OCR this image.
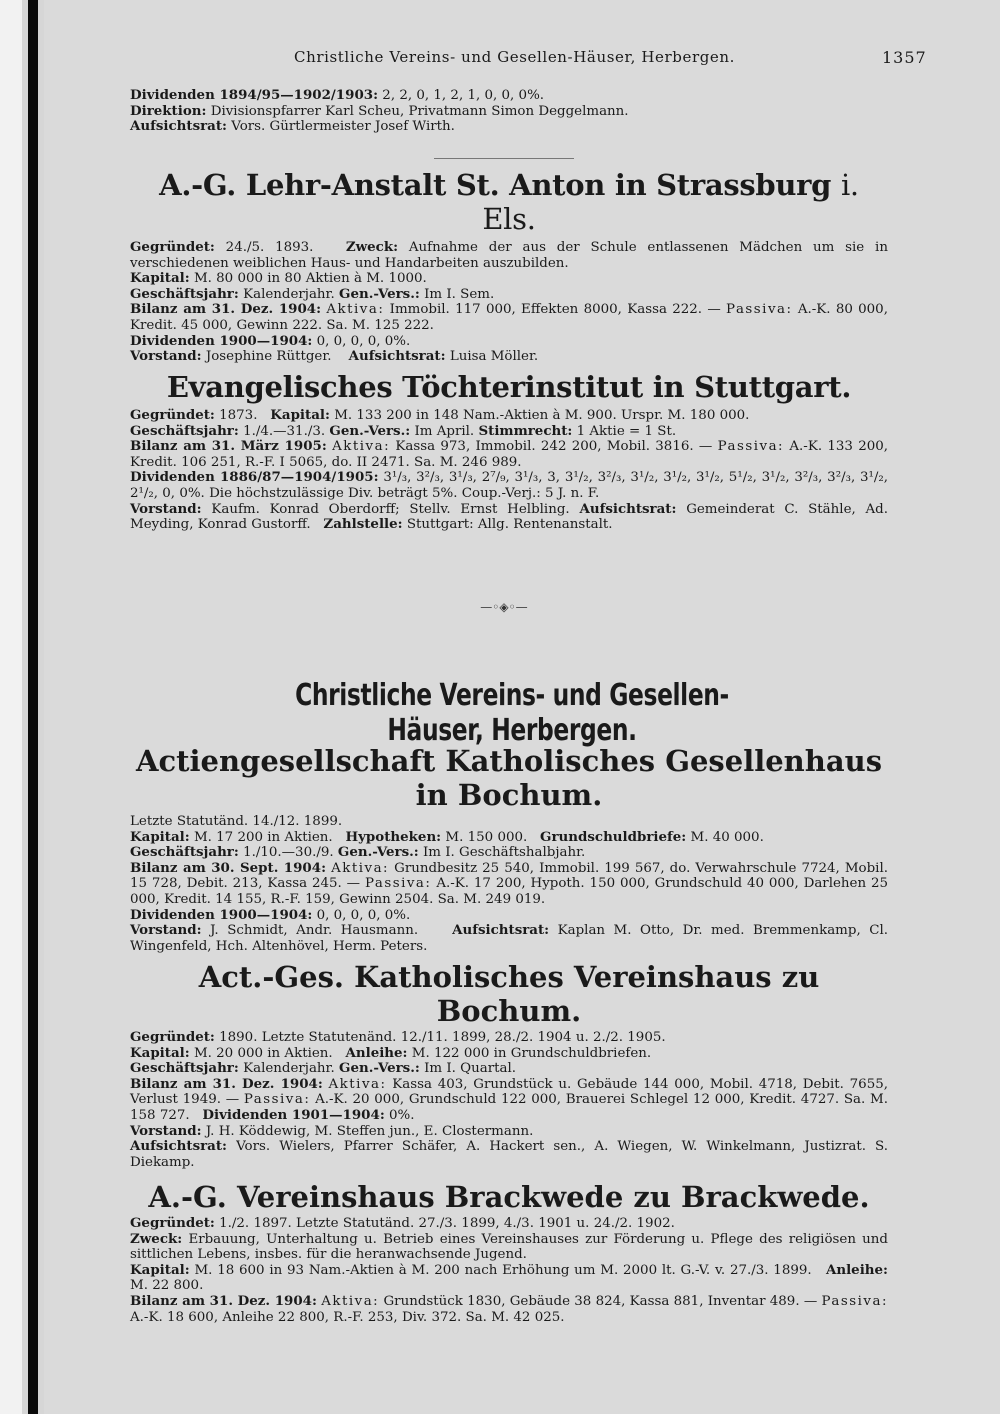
Christliche Vereins- und Gesellen-Häuser, Herbergen.	1357

Dividenden 1894/95—1902/1903: 2, 2, 0, 1, 2, 1, 0, 0, 0%.

Direktion: Divisionspfarrer Karl Scheu, Privatmann Simon Deggelmann.

Aufsichtsrat: Vors. Gürtlermeister Josef Wirth.

A.-G. Lehr-Anstalt St. Anton in Strassburg i. Els.

Gegründet: 24./5. 1893. Zweck: Aufnahme der aus der Schule entlassenen Mädchen um sie in verschiedenen weiblichen Haus- und Handarbeiten auszubilden.

Kapital: M. 80 000 in 80 Aktien à M. 1000.

Geschäftsjahr: Kalenderjahr. Gen.-Vers.: Im I. Sem.

Bilanz am 31. Dez. 1904: Aktiva: Immobil. 117 000, Effekten 8000, Kassa 222. — Passiva: A.-K. 80 000, Kredit. 45 000, Gewinn 222. Sa. M. 125 222.

Dividenden 1900—1904: 0, 0, 0, 0, 0%.

Vorstand: Josephine Rüttger. Aufsichtsrat: Luisa Möller.

Evangelisches Töchterinstitut in Stuttgart.

Gegründet: 1873. Kapital: M. 133 200 in 148 Nam.-Aktien à M. 900. Urspr. M. 180 000.

Geschäftsjahr: 1./4.—31./3. Gen.-Vers.: Im April. Stimmrecht: 1 Aktie = 1 St.

Bilanz am 31. März 1905: Aktiva: Kassa 973, Immobil. 242 200, Mobil. 3816. — Passiva: A.-K. 133 200, Kredit. 106 251, R.-F. I 5065, do. II 2471. Sa. M. 246 989.

Dividenden 1886/87—1904/1905: 3¹/₃, 3²/₃, 3¹/₃, 2⁷/₉, 3¹/₃, 3, 3¹/₂, 3²/₃, 3¹/₂, 3¹/₂, 3¹/₂, 5¹/₂, 3¹/₂, 3²/₃, 3²/₃, 3¹/₂, 2¹/₂, 0, 0%. Die höchstzulässige Div. beträgt 5%. Coup.-Verj.: 5 J. n. F.

Vorstand: Kaufm. Konrad Oberdorff; Stellv. Ernst Helbling. Aufsichtsrat: Gemeinderat C. Stähle, Ad. Meyding, Konrad Gustorff. Zahlstelle: Stuttgart: Allg. Rentenanstalt.

—◦◈◦—
Christliche Vereins- und Gesellen-Häuser, Herbergen.
Actiengesellschaft Katholisches Gesellenhaus in Bochum.

Letzte Statutänd. 14./12. 1899.

Kapital: M. 17 200 in Aktien. Hypotheken: M. 150 000. Grundschuldbriefe: M. 40 000.

Geschäftsjahr: 1./10.—30./9. Gen.-Vers.: Im I. Geschäftshalbjahr.

Bilanz am 30. Sept. 1904: Aktiva: Grundbesitz 25 540, Immobil. 199 567, do. Verwahrschule 7724, Mobil. 15 728, Debit. 213, Kassa 245. — Passiva: A.-K. 17 200, Hypoth. 150 000, Grundschuld 40 000, Darlehen 25 000, Kredit. 14 155, R.-F. 159, Gewinn 2504. Sa. M. 249 019.

Dividenden 1900—1904: 0, 0, 0, 0, 0%.

Vorstand: J. Schmidt, Andr. Hausmann.	Aufsichtsrat: Kaplan M. Otto, Dr. med. Bremmenkamp, Cl. Wingenfeld, Hch. Altenhövel, Herm. Peters.

Act.-Ges. Katholisches Vereinshaus zu Bochum.

Gegründet: 1890. Letzte Statutenänd. 12./11. 1899, 28./2. 1904 u. 2./2. 1905.

Kapital: M. 20 000 in Aktien. Anleihe: M. 122 000 in Grundschuldbriefen.

Geschäftsjahr: Kalenderjahr. Gen.-Vers.: Im I. Quartal.

Bilanz am 31. Dez. 1904: Aktiva: Kassa 403, Grundstück u. Gebäude 144 000, Mobil. 4718, Debit. 7655, Verlust 1949. — Passiva: A.-K. 20 000, Grundschuld 122 000, Brauerei Schlegel 12 000, Kredit. 4727. Sa. M. 158 727. Dividenden 1901—1904: 0%.

Vorstand: J. H. Köddewig, M. Steffen jun., E. Clostermann.

Aufsichtsrat: Vors. Wielers, Pfarrer Schäfer, A. Hackert sen., A. Wiegen, W. Winkelmann, Justizrat. S. Diekamp.

A.-G. Vereinshaus Brackwede zu Brackwede.

Gegründet: 1./2. 1897. Letzte Statutänd. 27./3. 1899, 4./3. 1901 u. 24./2. 1902.

Zweck: Erbauung, Unterhaltung u. Betrieb eines Vereinshauses zur Förderung u. Pflege des religiösen und sittlichen Lebens, insbes. für die heranwachsende Jugend.

Kapital: M. 18 600 in 93 Nam.-Aktien à M. 200 nach Erhöhung um M. 2000 lt. G.-V. v. 27./3. 1899. Anleihe: M. 22 800.

Bilanz am 31. Dez. 1904: Aktiva: Grundstück 1830, Gebäude 38 824, Kassa 881, Inventar 489. — Passiva: A.-K. 18 600, Anleihe 22 800, R.-F. 253, Div. 372. Sa. M. 42 025.
